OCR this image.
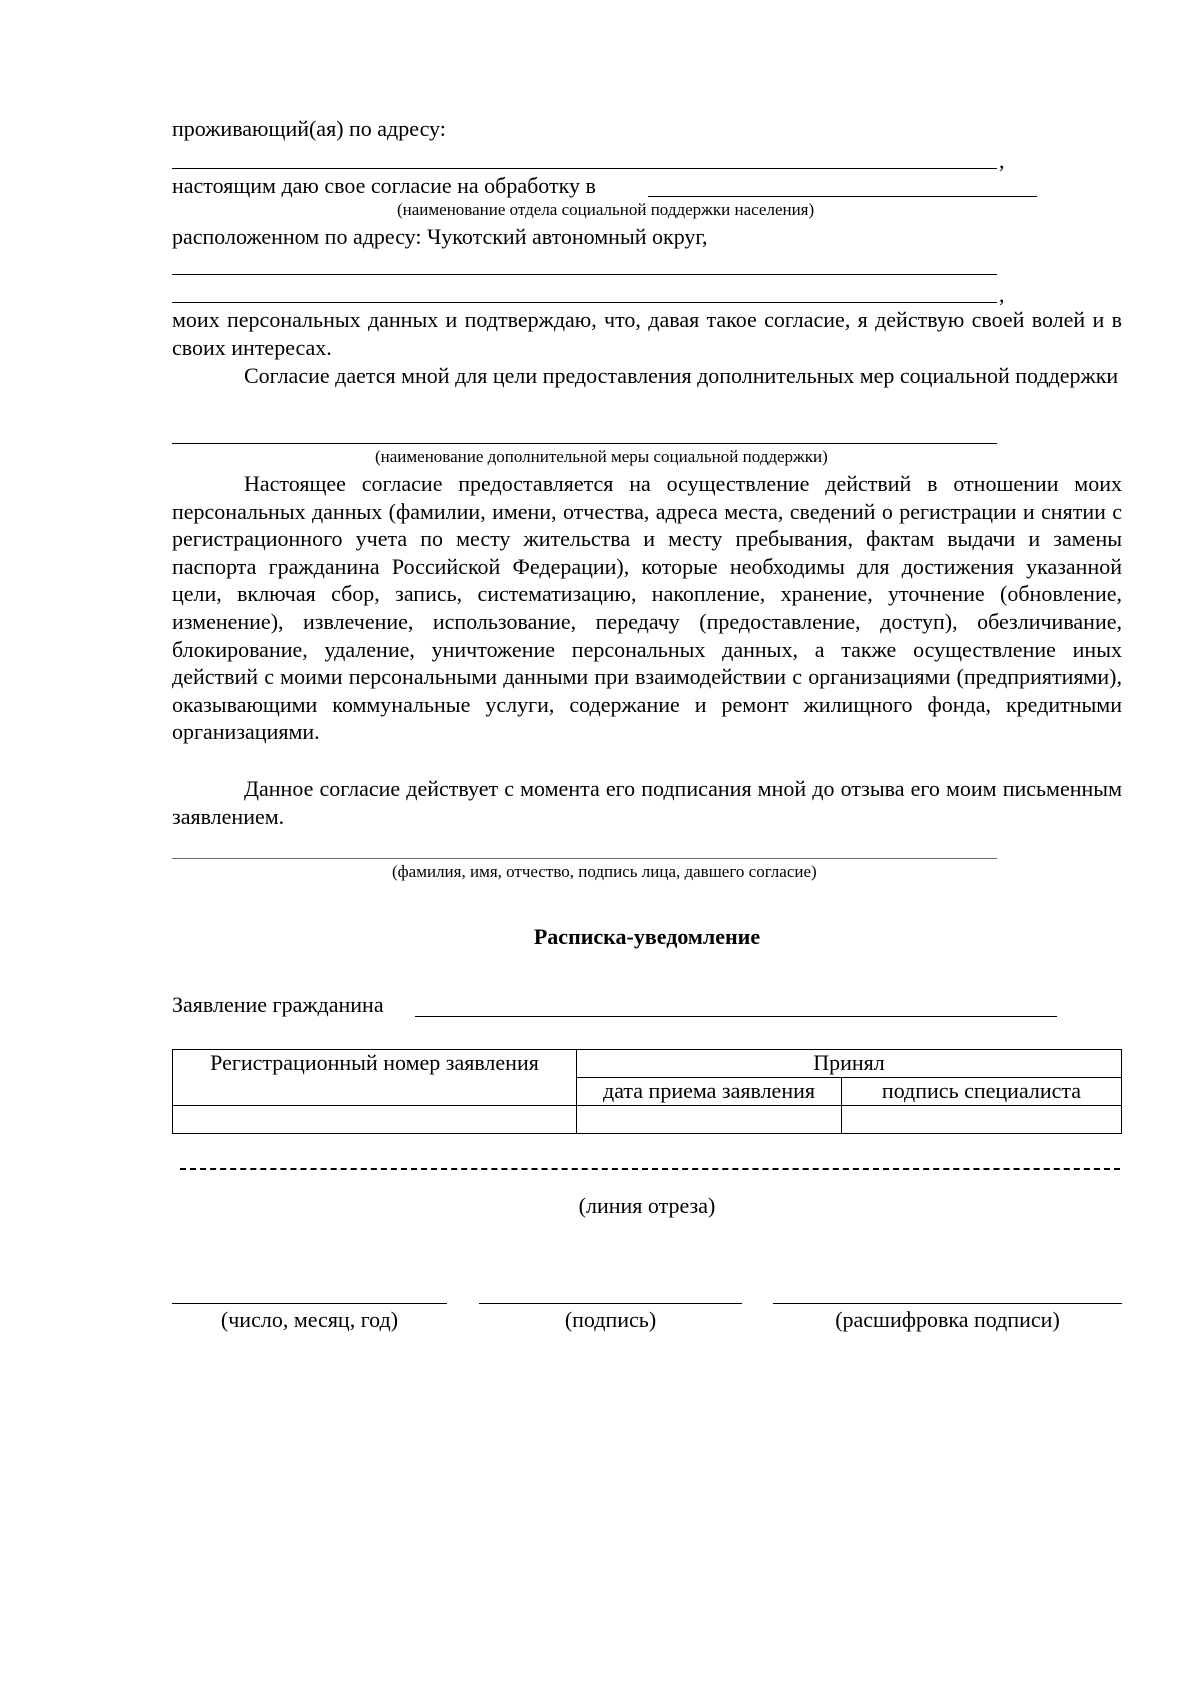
проживающий(ая) по адресу:
,
настоящим даю свое согласие на обработку в
(наименование отдела социальной поддержки населения)
расположенном по адресу: Чукотский автономный округ,
,

моих персональных данных и подтверждаю, что, давая такое согласие, я действую своей волей и в своих интересах.

Согласие дается мной для цели предоставления дополнительных мер социальной поддержки

(наименование дополнительной меры социальной поддержки)

Настоящее согласие предоставляется на осуществление действий в отношении моих персональных данных (фамилии, имени, отчества, адреса места, сведений о регистрации и снятии с регистрационного учета по месту жительства и месту пребывания, фактам выдачи и замены паспорта гражданина Российской Федерации), которые необходимы для достижения указанной цели, включая сбор, запись, систематизацию, накопление, хранение, уточнение (обновление, изменение), извлечение, использование, передачу (предоставление, доступ), обезличивание, блокирование, удаление, уничтожение персональных данных, а также осуществление иных действий с моими персональными данными при взаимодействии с организациями (предприятиями), оказывающими коммунальные услуги, содержание и ремонт жилищного фонда, кредитными организациями.

Данное согласие действует с момента его подписания мной до отзыва его моим письменным заявлением.

(фамилия, имя, отчество, подпись лица, давшего согласие)
Расписка-уведомление
Заявление гражданина
Регистрационный номер заявления	Принял	
	дата приема заявления	подпись специалиста

(линия отреза)
(число, месяц, год)	(подпись)	(расшифровка подписи)
